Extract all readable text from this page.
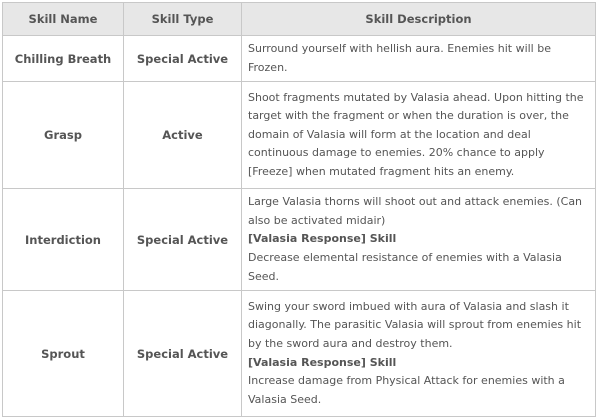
Skill Name	Skill Type	Skill Description
Chilling Breath	Special Active	Surround yourself with hellish aura. Enemies hit will be Frozen.

Grasp	Active	Shoot fragments mutated by Valasia ahead. Upon hitting the target with the fragment or when the duration is over, the domain of Valasia will form at the location and deal continuous damage to enemies. 20% chance to apply [Freeze] when mutated fragment hits an enemy.

Interdiction	Special Active	Large Valasia thorns will shoot out and attack enemies. (Can also be activated midair)
[Valasia Response] Skill
Decrease elemental resistance of enemies with a Valasia Seed.

Sprout	Special Active	Swing your sword imbued with aura of Valasia and slash it diagonally. The parasitic Valasia will sprout from enemies hit by the sword aura and destroy them.
[Valasia Response] Skill
Increase damage from Physical Attack for enemies with a Valasia Seed.
